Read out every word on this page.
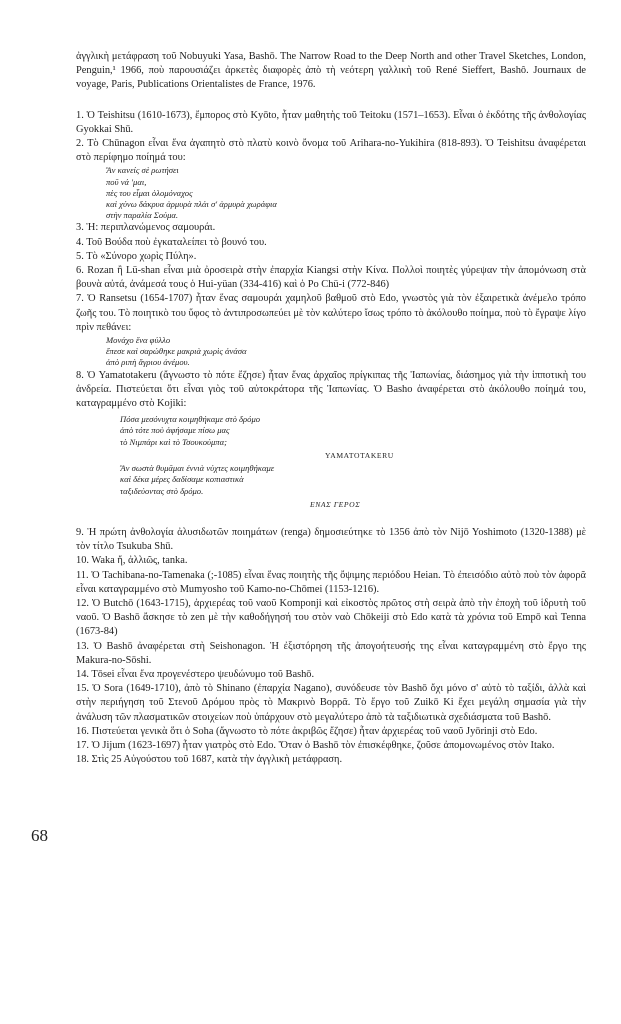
ἀγγλικὴ μετάφραση τοῦ Nobuyuki Yasa, Bashō. The Narrow Road to the Deep North and other Travel Sketches, London, Penguin,¹ 1966, ποὺ παρουσιάζει ἀρκετὲς διαφορὲς ἀπὸ τὴ νεότερη γαλλικὴ τοῦ René Sieffert, Bashô. Journaux de voyage, Paris, Publications Orientalistes de France, 1976.

1. Ὁ Teishitsu (1610-1673), ἔμπορος στὸ Kyōto, ἦταν μαθητὴς τοῦ Teitoku (1571–1653). Εἶναι ὁ ἐκδότης τῆς ἀνθολογίας Gyokkai Shū.

2. Τὸ Chūnagon εἶναι ἕνα ἀγαπητὸ στὸ πλατὺ κοινὸ ὄνομα τοῦ Arihara-no-Yukihira (818-893). Ὁ Teishitsu ἀναφέρεται στὸ περίφημο ποίημά του:

Ἂν κανείς σὲ ρωτήσει
ποῦ νά 'μαι,
πὲς του εἶμαι ὁλομόναχος
καὶ χύνω δάκρυα ἁρμυρὰ πλάι σ' ἁρμυρὰ χωράφια
στὴν παραλία Σούμα.

3. Ἡ: περιπλανώμενος σαμουράι.

4. Τοῦ Βούδα ποὺ ἐγκαταλείπει τὸ βουνό του.

5. Τὸ «Σύνορο χωρὶς Πύλη».

6. Rozan ἢ Lü-shan εἶναι μιὰ ὀροσειρὰ στὴν ἐπαρχία Kiangsi στὴν Κίνα. Πολλοὶ ποιητὲς γύρεψαν τὴν ἀπομόνωση στὰ βουνὰ αὐτά, ἀνάμεσά τους ὁ Hui-yüan (334-416) καὶ ὁ Po Chü-i (772-846)

7. Ὁ Ransetsu (1654-1707) ἦταν ἕνας σαμουράι χαμηλοῦ βαθμοῦ στὸ Edo, γνωστὸς γιὰ τὸν ἐξαιρετικὰ ἀνέμελο τρόπο ζωῆς του. Τὸ ποιητικὸ του ὕφος τὸ ἀντιπροσωπεύει μὲ τὸν καλύτερο ἴσως τρόπο τὸ ἀκόλουθο ποίημα, ποὺ τὸ ἔγραψε λίγο πρὶν πεθάνει:

Μονάχο ἕνα φύλλο
ἔπεσε καὶ σαρώθηκε μακριὰ χωρὶς ἀνάσα
ἀπὸ ριπὴ ἄγριου ἀνέμου.

8. Ὁ Yamatotakeru (ἄγνωστο τὸ πότε ἔζησε) ἦταν ἕνας ἀρχαῖος πρίγκιπας τῆς Ἰαπωνίας, διάσημος γιὰ τὴν ἱπποτικὴ του ἀνδρεία. Πιστεύεται ὅτι εἶναι γιὸς τοῦ αὐτοκράτορα τῆς Ἰαπωνίας. Ὁ Basho ἀναφέρεται στὸ ἀκόλουθο ποίημά του, καταγραμμένο στὸ Kojiki:

Πόσα μεσόνυχτα κοιμηθήκαμε στὸ δρόμο
ἀπὸ τότε ποὺ ἀφήσαμε πίσω μας
τὸ Νιμπάρι καὶ τὸ Τσουκούμπα;
YAMATOTAKERU
Ἂν σωστὰ θυμᾶμαι ἐννιὰ νύχτες κοιμηθήκαμε
καὶ δέκα μέρες δαδίσαμε κοπιαστικὰ
ταξιδεύοντας στὸ δρόμο.
ΕΝΑΣ ΓΕΡΟΣ

9. Ἡ πρώτη ἀνθολογία ἀλυσιδωτῶν ποιημάτων (renga) δημοσιεύτηκε τὸ 1356 ἀπὸ τὸν Nijō Yoshimoto (1320-1388) μὲ τὸν τίτλο Tsukuba Shū.

10. Waka ἤ, ἀλλιῶς, tanka.

11. Ὁ Tachibana-no-Tamenaka (;-1085) εἶναι ἕνας ποιητὴς τῆς ὄψιμης περιόδου Heian. Τὸ ἐπεισόδιο αὐτὸ ποὺ τὸν ἀφορᾶ εἶναι καταγραμμένο στὸ Mumyosho τοῦ Kamo-no-Chōmei (1153-1216).

12. Ὁ Butchō (1643-1715), ἀρχιερέας τοῦ ναοῦ Komponji καὶ εἰκοστὸς πρῶτος στὴ σειρὰ ἀπὸ τὴν ἐποχὴ τοῦ ἱδρυτὴ τοῦ ναοῦ. Ὁ Bashō ἄσκησε τὸ zen μὲ τὴν καθοδήγησή του στὸν ναὸ Chōkeiji στὸ Edo κατὰ τὰ χρόνια τοῦ Empō καὶ Tenna (1673-84)

13. Ὁ Bashō ἀναφέρεται στὴ Seishonagon. Ἡ ἐξιστόρηση τῆς ἀπογοήτευσής της εἶναι καταγραμμένη στὸ ἔργο της Makura-no-Sōshi.

14. Tōsei εἶναι ἕνα προγενέστερο ψευδώνυμο τοῦ Bashō.

15. Ὁ Sora (1649-1710), ἀπὸ τὸ Shinano (ἐπαρχία Nagano), συνόδευσε τὸν Bashō ὄχι μόνο σ' αὐτὸ τὸ ταξίδι, ἀλλὰ καὶ στὴν περιήγηση τοῦ Στενοῦ Δρόμου πρὸς τὸ Μακρινὸ Βορρᾶ. Τὸ ἔργο τοῦ Zuikō Ki ἔχει μεγάλη σημασία γιὰ τὴν ἀνάλυση τῶν πλασματικῶν στοιχείων ποὺ ὑπάρχουν στὸ μεγαλύτερο ἀπὸ τὰ ταξιδιωτικὰ σχεδιάσματα τοῦ Bashō.

16. Πιστεύεται γενικὰ ὅτι ὁ Soha (ἄγνωστο τὸ πότε ἀκριβῶς ἔζησε) ἦταν ἀρχιερέας τοῦ ναοῦ Jyōrinji στὸ Edo.

17. Ὁ Jijum (1623-1697) ἦταν γιατρὸς στὸ Edo. Ὅταν ὁ Bashō τὸν ἐπισκέφθηκε, ζοῦσε ἀπομονωμένος στὸν Itako.

18. Στὶς 25 Αὐγούστου τοῦ 1687, κατὰ τὴν ἀγγλικὴ μετάφραση.

68
